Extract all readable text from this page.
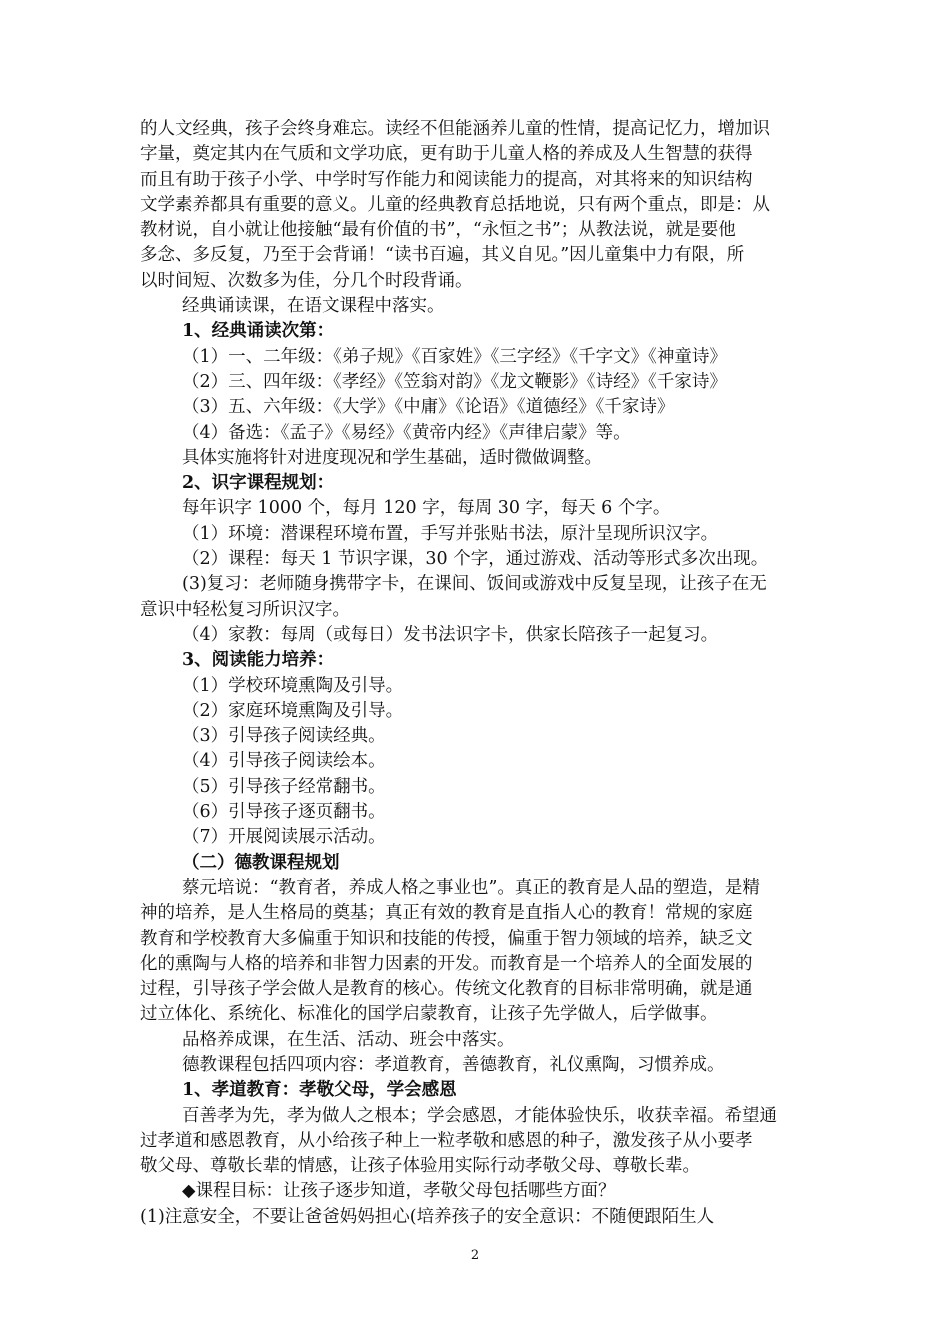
的人文经典，孩子会终身难忘。读经不但能涵养儿童的性情，提高记忆力，增加识

字量，奠定其内在气质和文学功底，更有助于儿童人格的养成及人生智慧的获得

而且有助于孩子小学、中学时写作能力和阅读能力的提高，对其将来的知识结构

文学素养都具有重要的意义。儿童的经典教育总括地说，只有两个重点，即是：从

教材说，自小就让他接触“最有价值的书”，“永恒之书”；从教法说，就是要他

多念、多反复，乃至于会背诵！“读书百遍，其义自见。”因儿童集中力有限，所

以时间短、次数多为佳，分几个时段背诵。

经典诵读课，在语文课程中落实。

1、经典诵读次第：

（1）一、二年级：《弟子规》《百家姓》《三字经》《千字文》《神童诗》

（2）三、四年级：《孝经》《笠翁对韵》《龙文鞭影》《诗经》《千家诗》

（3）五、六年级：《大学》《中庸》《论语》《道德经》《千家诗》

（4）备选：《孟子》《易经》《黄帝内经》《声律启蒙》等。

具体实施将针对进度现况和学生基础，适时微做调整。

2、识字课程规划：

每年识字 1000 个，每月 120 字，每周 30 字，每天 6 个字。

（1）环境：潜课程环境布置，手写并张贴书法，原汁呈现所识汉字。

（2）课程：每天 1 节识字课，30 个字，通过游戏、活动等形式多次出现。

(3)复习：老师随身携带字卡，在课间、饭间或游戏中反复呈现，让孩子在无

意识中轻松复习所识汉字。

（4）家教：每周（或每日）发书法识字卡，供家长陪孩子一起复习。

3、阅读能力培养：

（1）学校环境熏陶及引导。

（2）家庭环境熏陶及引导。

（3）引导孩子阅读经典。

（4）引导孩子阅读绘本。

（5）引导孩子经常翻书。

（6）引导孩子逐页翻书。

（7）开展阅读展示活动。

（二）德教课程规划

蔡元培说：“教育者，养成人格之事业也”。真正的教育是人品的塑造，是精

神的培养，是人生格局的奠基；真正有效的教育是直指人心的教育！常规的家庭

教育和学校教育大多偏重于知识和技能的传授，偏重于智力领域的培养，缺乏文

化的熏陶与人格的培养和非智力因素的开发。而教育是一个培养人的全面发展的

过程，引导孩子学会做人是教育的核心。传统文化教育的目标非常明确，就是通

过立体化、系统化、标准化的国学启蒙教育，让孩子先学做人，后学做事。

品格养成课，在生活、活动、班会中落实。

德教课程包括四项内容：孝道教育，善德教育，礼仪熏陶，习惯养成。

1、孝道教育：孝敬父母，学会感恩

百善孝为先，孝为做人之根本；学会感恩，才能体验快乐，收获幸福。希望通

过孝道和感恩教育，从小给孩子种上一粒孝敬和感恩的种子，激发孩子从小要孝

敬父母、尊敬长辈的情感，让孩子体验用实际行动孝敬父母、尊敬长辈。

◆课程目标：让孩子逐步知道，孝敬父母包括哪些方面？

(1)注意安全，不要让爸爸妈妈担心(培养孩子的安全意识：不随便跟陌生人

2
